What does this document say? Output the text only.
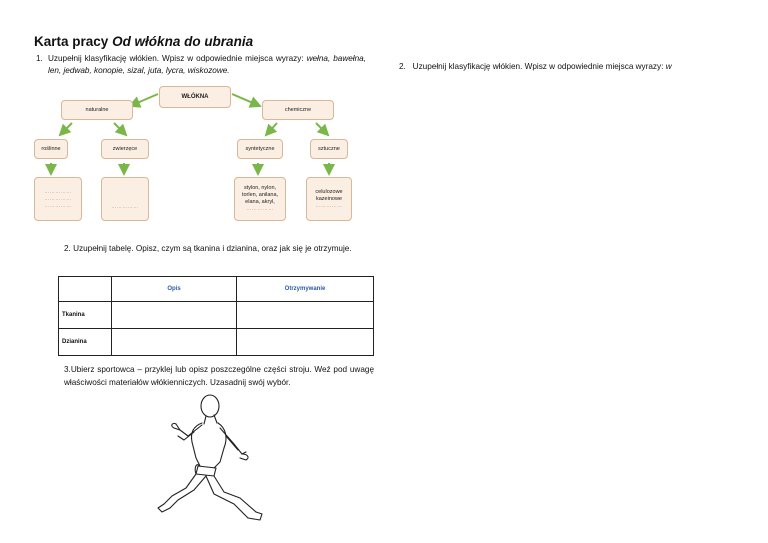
Karta pracy Od włókna do ubrania
1. Uzupełnij klasyfikację włókien. Wpisz w odpowiednie miejsca wyrazy: wełna, bawełna, len, jedwab, konopie, sizal, juta, lycra, wiskozowe.	2. Uzupełnij klasyfikację włókien. Wpisz w odpowiednie miejsca wyrazy: w
WŁÓKNA
naturalne	chemiczne
roślinne	zwierzęce	syntetyczne	sztuczne
……………
……………
……………	……………
stylon, nylon,
torlen, anilana,
elana, akryl,
……………
celulozowe
kazeinowe
……………
2. Uzupełnij tabelę. Opisz, czym są tkanina i dzianina, oraz jak się je otrzymuje.
	Opis	Otrzymywanie
Tkanina		
Dzianina		
3.Ubierz sportowca – przyklej lub opisz poszczególne części stroju. Weź pod uwagę właściwości materiałów włókienniczych. Uzasadnij swój wybór.
